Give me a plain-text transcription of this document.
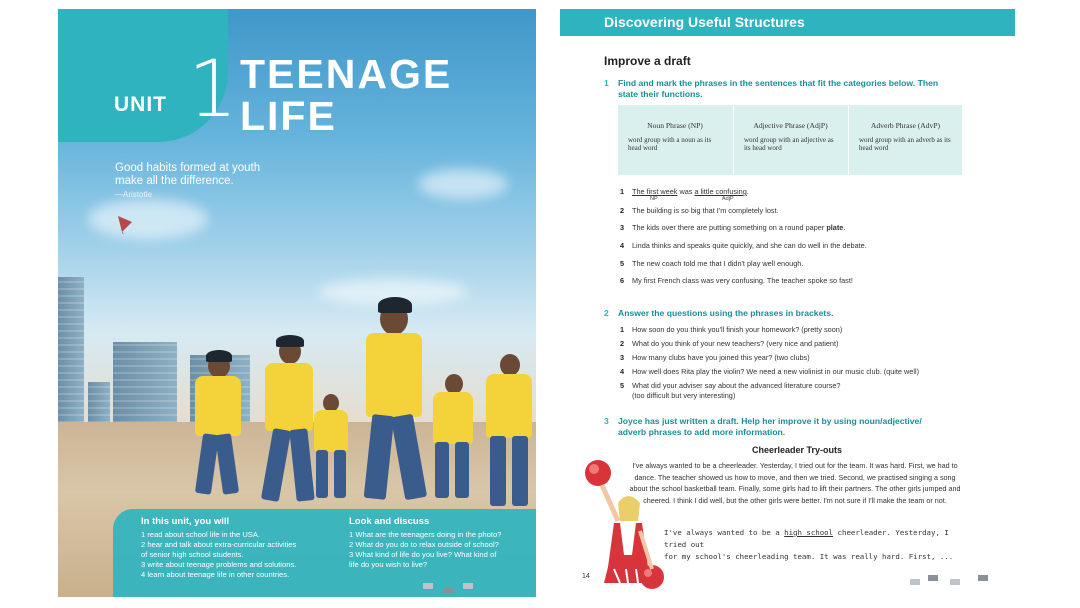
UNIT 1 TEENAGE
LIFE
Good habits formed at youth
make all the difference.
—Aristotle
In this unit, you will

1 read about school life in the USA.

2 hear and talk about extra-curricular activities

of senior high school students.

3 write about teenage problems and solutions.

4 learn about teenage life in other countries.

Look and discuss

1 What are the teenagers doing in the photo?

2 What do you do to relax outside of school?

3 What kind of life do you live? What kind of

life do you wish to live?

Discovering Useful Structures
Improve a draft
1 Find and mark the phrases in the sentences that fit the categories below. Then state their functions.
Noun Phrase (NP)
word group with a noun as its head word
Adjective Phrase (AdjP)
word group with an adjective as its head word
Adverb Phrase (AdvP)
word group with an adverb as its head word
1 The first week was a little confusing.
NP	AdjP
2 The building is so big that I'm completely lost.
3 The kids over there are putting something on a round paper plate.
4 Linda thinks and speaks quite quickly, and she can do well in the debate.
5 The new coach told me that I didn't play well enough.
6 My first French class was very confusing. The teacher spoke so fast!
2 Answer the questions using the phrases in brackets.
1 How soon do you think you'll finish your homework? (pretty soon)
2 What do you think of your new teachers? (very nice and patient)
3 How many clubs have you joined this year? (two clubs)
4 How well does Rita play the violin? We need a new violinist in our music club. (quite well)
5 What did your adviser say about the advanced literature course?
(too difficult but very interesting)
3 Joyce has just written a draft. Help her improve it by using noun/adjective/ adverb phrases to add more information.
Cheerleader Try-outs
I've always wanted to be a cheerleader. Yesterday, I tried out for the team. It was hard. First, we had to dance. The teacher showed us how to move, and then we tried. Second, we practised singing a song about the school basketball team. Finally, some girls had to lift their partners. The other girls jumped and cheered. I think I did well, but the other girls were better. I'm not sure if I'll make the team or not.
I've always wanted to be a high school cheerleader. Yesterday, I tried out
for my school's cheerleading team. It was really hard. First, ...
14
